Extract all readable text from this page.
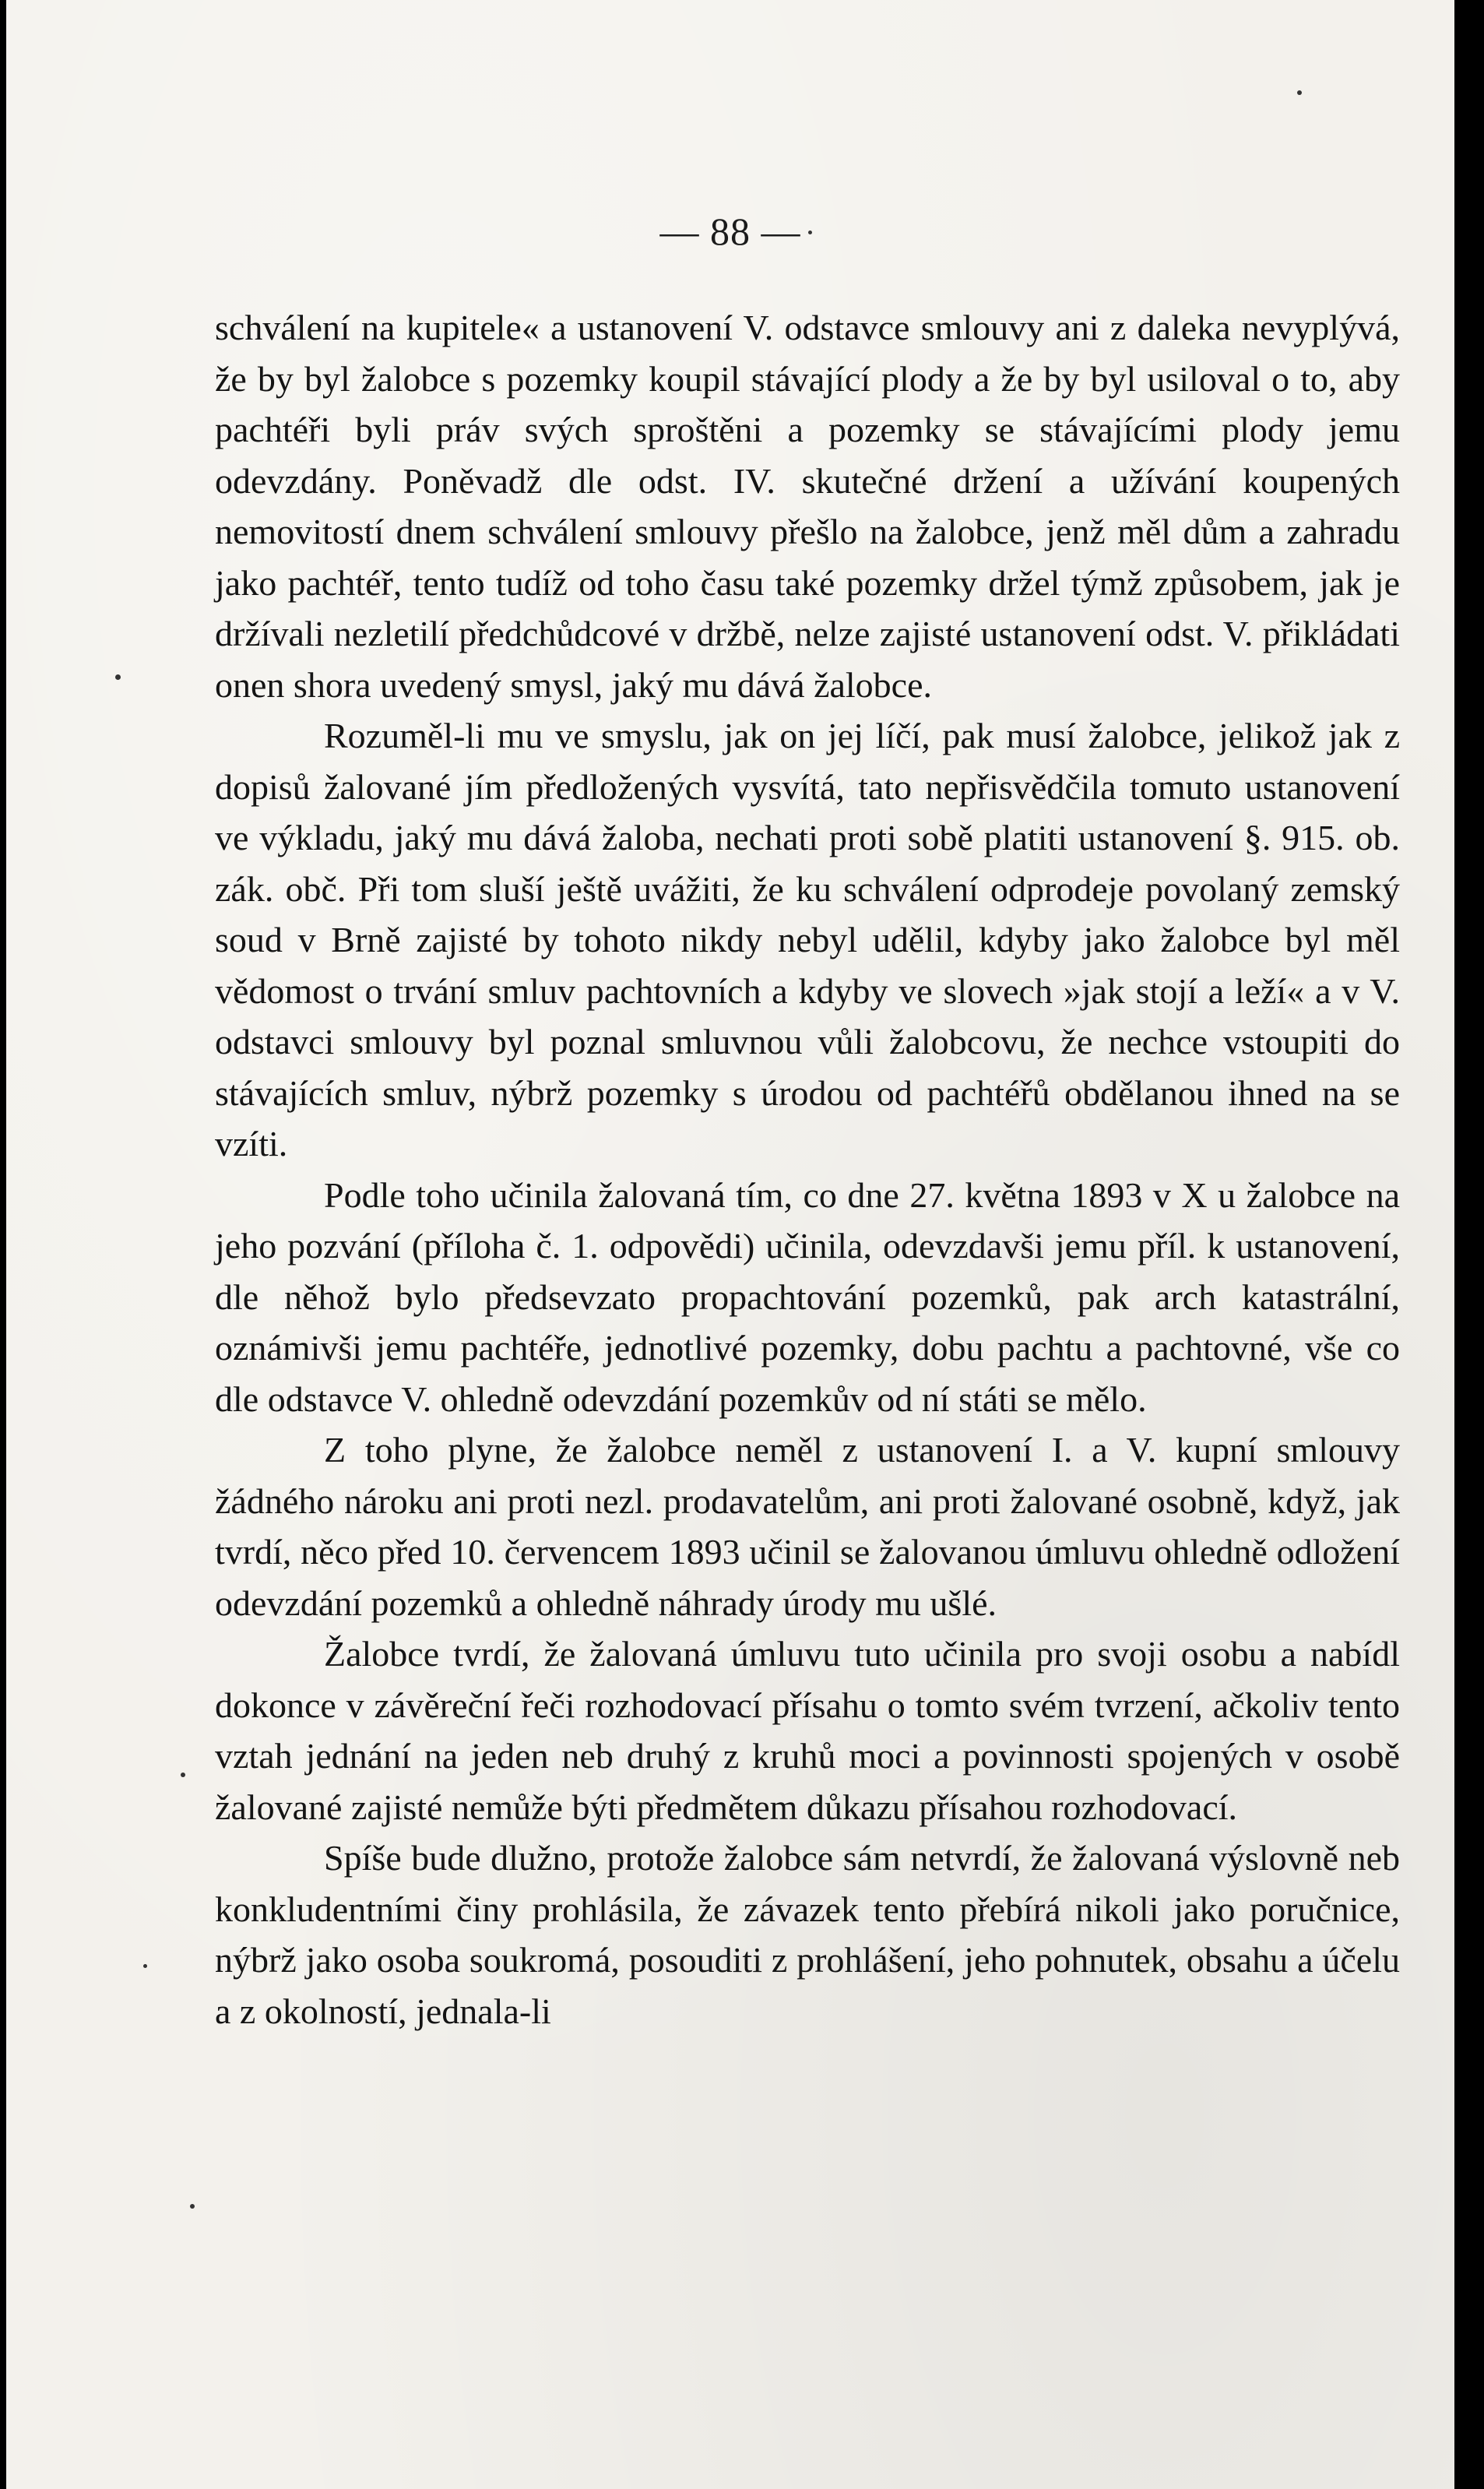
— 88 —

schválení na kupitele« a ustanovení V. odstavce smlouvy ani z daleka nevyplývá, že by byl žalobce s pozemky koupil stávající plody a že by byl usiloval o to, aby pachtéři byli práv svých sproštěni a pozemky se stávajícími plody jemu odevzdány. Poněvadž dle odst. IV. skutečné držení a užívání koupených nemovitostí dnem schválení smlouvy přešlo na žalobce, jenž měl dům a zahradu jako pachtéř, tento tudíž od toho času také pozemky držel týmž způsobem, jak je držívali nezletilí předchůdcové v držbě, nelze zajisté ustanovení odst. V. přikládati onen shora uvedený smysl, jaký mu dává žalobce.

Rozuměl-li mu ve smyslu, jak on jej líčí, pak musí žalobce, jelikož jak z dopisů žalované jím předložených vysvítá, tato nepřisvědčila tomuto ustanovení ve výkladu, jaký mu dává žaloba, nechati proti sobě platiti ustanovení §. 915. ob. zák. obč. Při tom sluší ještě uvážiti, že ku schválení odprodeje povolaný zemský soud v Brně zajisté by tohoto nikdy nebyl udělil, kdyby jako žalobce byl měl vědomost o trvání smluv pachtovních a kdyby ve slovech »jak stojí a leží« a v V. odstavci smlouvy byl poznal smluvnou vůli žalobcovu, že nechce vstoupiti do stávajících smluv, nýbrž pozemky s úrodou od pachtéřů obdělanou ihned na se vzíti.

Podle toho učinila žalovaná tím, co dne 27. května 1893 v X u žalobce na jeho pozvání (příloha č. 1. odpovědi) učinila, odevzdavši jemu příl. k ustanovení, dle něhož bylo předsevzato propachtování pozemků, pak arch katastrální, oznámivši jemu pachtéře, jednotlivé pozemky, dobu pachtu a pachtovné, vše co dle odstavce V. ohledně odevzdání pozemkův od ní státi se mělo.

Z toho plyne, že žalobce neměl z ustanovení I. a V. kupní smlouvy žádného nároku ani proti nezl. prodavatelům, ani proti žalované osobně, když, jak tvrdí, něco před 10. červencem 1893 učinil se žalovanou úmluvu ohledně odložení odevzdání pozemků a ohledně náhrady úrody mu ušlé.

Žalobce tvrdí, že žalovaná úmluvu tuto učinila pro svoji osobu a nabídl dokonce v závěreční řeči rozhodovací přísahu o tomto svém tvrzení, ačkoliv tento vztah jednání na jeden neb druhý z kruhů moci a povinnosti spojených v osobě žalované zajisté nemůže býti předmětem důkazu přísahou rozhodovací.

Spíše bude dlužno, protože žalobce sám netvrdí, že žalovaná výslovně neb konkludentními činy prohlásila, že závazek tento přebírá nikoli jako poručnice, nýbrž jako osoba soukromá, posouditi z prohlášení, jeho pohnutek, obsahu a účelu a z okolností, jednala-li
